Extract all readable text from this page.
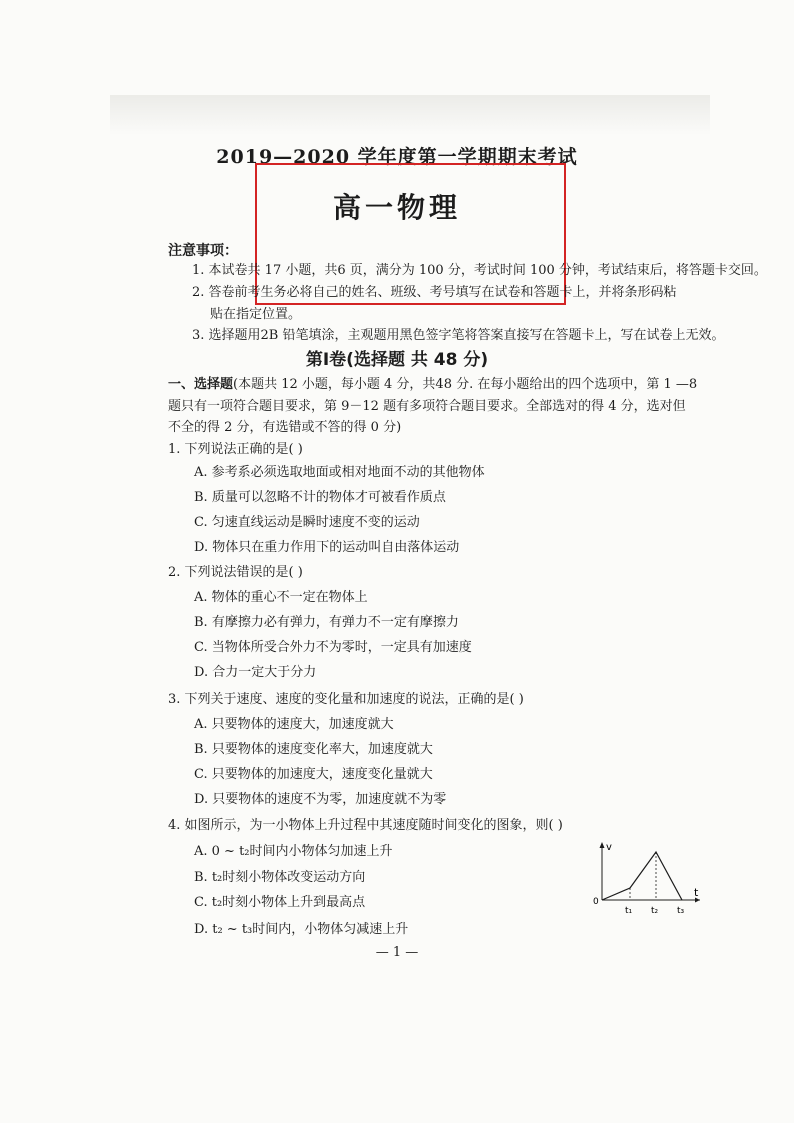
2019—2020 学年度第一学期期末考试
高一物理
注意事项：
1. 本试卷共 17 小题，共6 页，满分为 100 分，考试时间 100 分钟，考试结束后，将答题卡交回。
2. 答卷前考生务必将自己的姓名、班级、考号填写在试卷和答题卡上，并将条形码粘
贴在指定位置。
3. 选择题用2B 铅笔填涂，主观题用黑色签字笔将答案直接写在答题卡上，写在试卷上无效。
第Ⅰ卷(选择题 共 48 分)
一、选择题(本题共 12 小题，每小题 4 分，共48 分. 在每小题给出的四个选项中，第 1 —8
题只有一项符合题目要求，第 9－12 题有多项符合题目要求。全部选对的得 4 分，选对但
不全的得 2 分，有选错或不答的得 0 分)
1. 下列说法正确的是( )
A. 参考系必须选取地面或相对地面不动的其他物体
B. 质量可以忽略不计的物体才可被看作质点
C. 匀速直线运动是瞬时速度不变的运动
D. 物体只在重力作用下的运动叫自由落体运动
2. 下列说法错误的是( )
A. 物体的重心不一定在物体上
B. 有摩擦力必有弹力，有弹力不一定有摩擦力
C. 当物体所受合外力不为零时，一定具有加速度
D. 合力一定大于分力
3. 下列关于速度、速度的变化量和加速度的说法，正确的是( )
A. 只要物体的速度大，加速度就大
B. 只要物体的速度变化率大，加速度就大
C. 只要物体的加速度大，速度变化量就大
D. 只要物体的速度不为零，加速度就不为零
4. 如图所示，为一小物体上升过程中其速度随时间变化的图象，则( )
A. 0 ~ t₂时间内小物体匀加速上升
B. t₂时刻小物体改变运动方向
C. t₂时刻小物体上升到最高点
D. t₂ ~ t₃时间内，小物体匀减速上升
v
t
0
t₁ t₂ t₃
— 1 —
